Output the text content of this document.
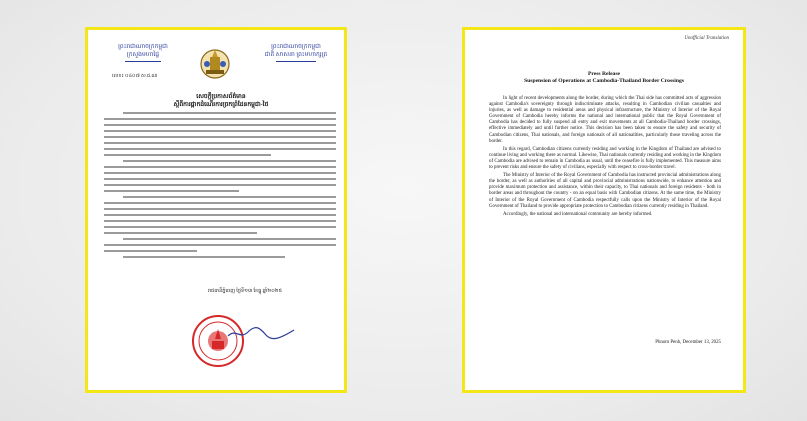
ព្រះរាជាណាចក្រកម្ពុជា
ក្រសួងមហាផ្ទៃ
ព្រះរាជាណាចក្រកម្ពុជា
ជាតិ សាសនា ព្រះមហាក្សត្រ
លេខ៖ ០៤០៧ ស.ជ.ណ
សេចក្តីប្រកាសព័ត៌មាន
ស្តីពីការផ្អាកដំណើរការច្រកព្រំដែនកម្ពុជា-ថៃ
រាជធានីភ្នំពេញ ថ្ងៃទី១៣ ខែធ្នូ ឆ្នាំ២០២៥
Unofficial Translation
Press Release
Suspension of Operations at Cambodia-Thailand Border Crossings

In light of recent developments along the border, during which the Thai side has committed acts of aggression against Cambodia's sovereignty through indiscriminate attacks, resulting in Cambodian civilian casualties and injuries, as well as damage to residential areas and physical infrastructure, the Ministry of Interior of the Royal Government of Cambodia hereby informs the national and international public that the Royal Government of Cambodia has decided to fully suspend all entry and exit movements at all Cambodia-Thailand border crossings, effective immediately and until further notice. This decision has been taken to ensure the safety and security of Cambodian citizens, Thai nationals, and foreign nationals of all nationalities, particularly those traveling across the border.

In this regard, Cambodian citizens currently residing and working in the Kingdom of Thailand are advised to continue living and working there as normal. Likewise, Thai nationals currently residing and working in the Kingdom of Cambodia are advised to remain in Cambodia as usual, until the ceasefire is fully implemented. This measure aims to prevent risks and ensure the safety of civilians, especially with respect to cross-border travel.

The Ministry of Interior of the Royal Government of Cambodia has instructed provincial administrations along the border, as well as authorities of all capital and provincial administrations nationwide, to enhance attention and provide maximum protection and assistance, within their capacity, to Thai nationals and foreign residents - both in border areas and throughout the country - on an equal basis with Cambodian citizens. At the same time, the Ministry of Interior of the Royal Government of Cambodia respectfully calls upon the Ministry of Interior of the Royal Government of Thailand to provide appropriate protection to Cambodian citizens currently residing in Thailand.

Accordingly, the national and international community are hereby informed.

Phnom Penh, December 13, 2025
